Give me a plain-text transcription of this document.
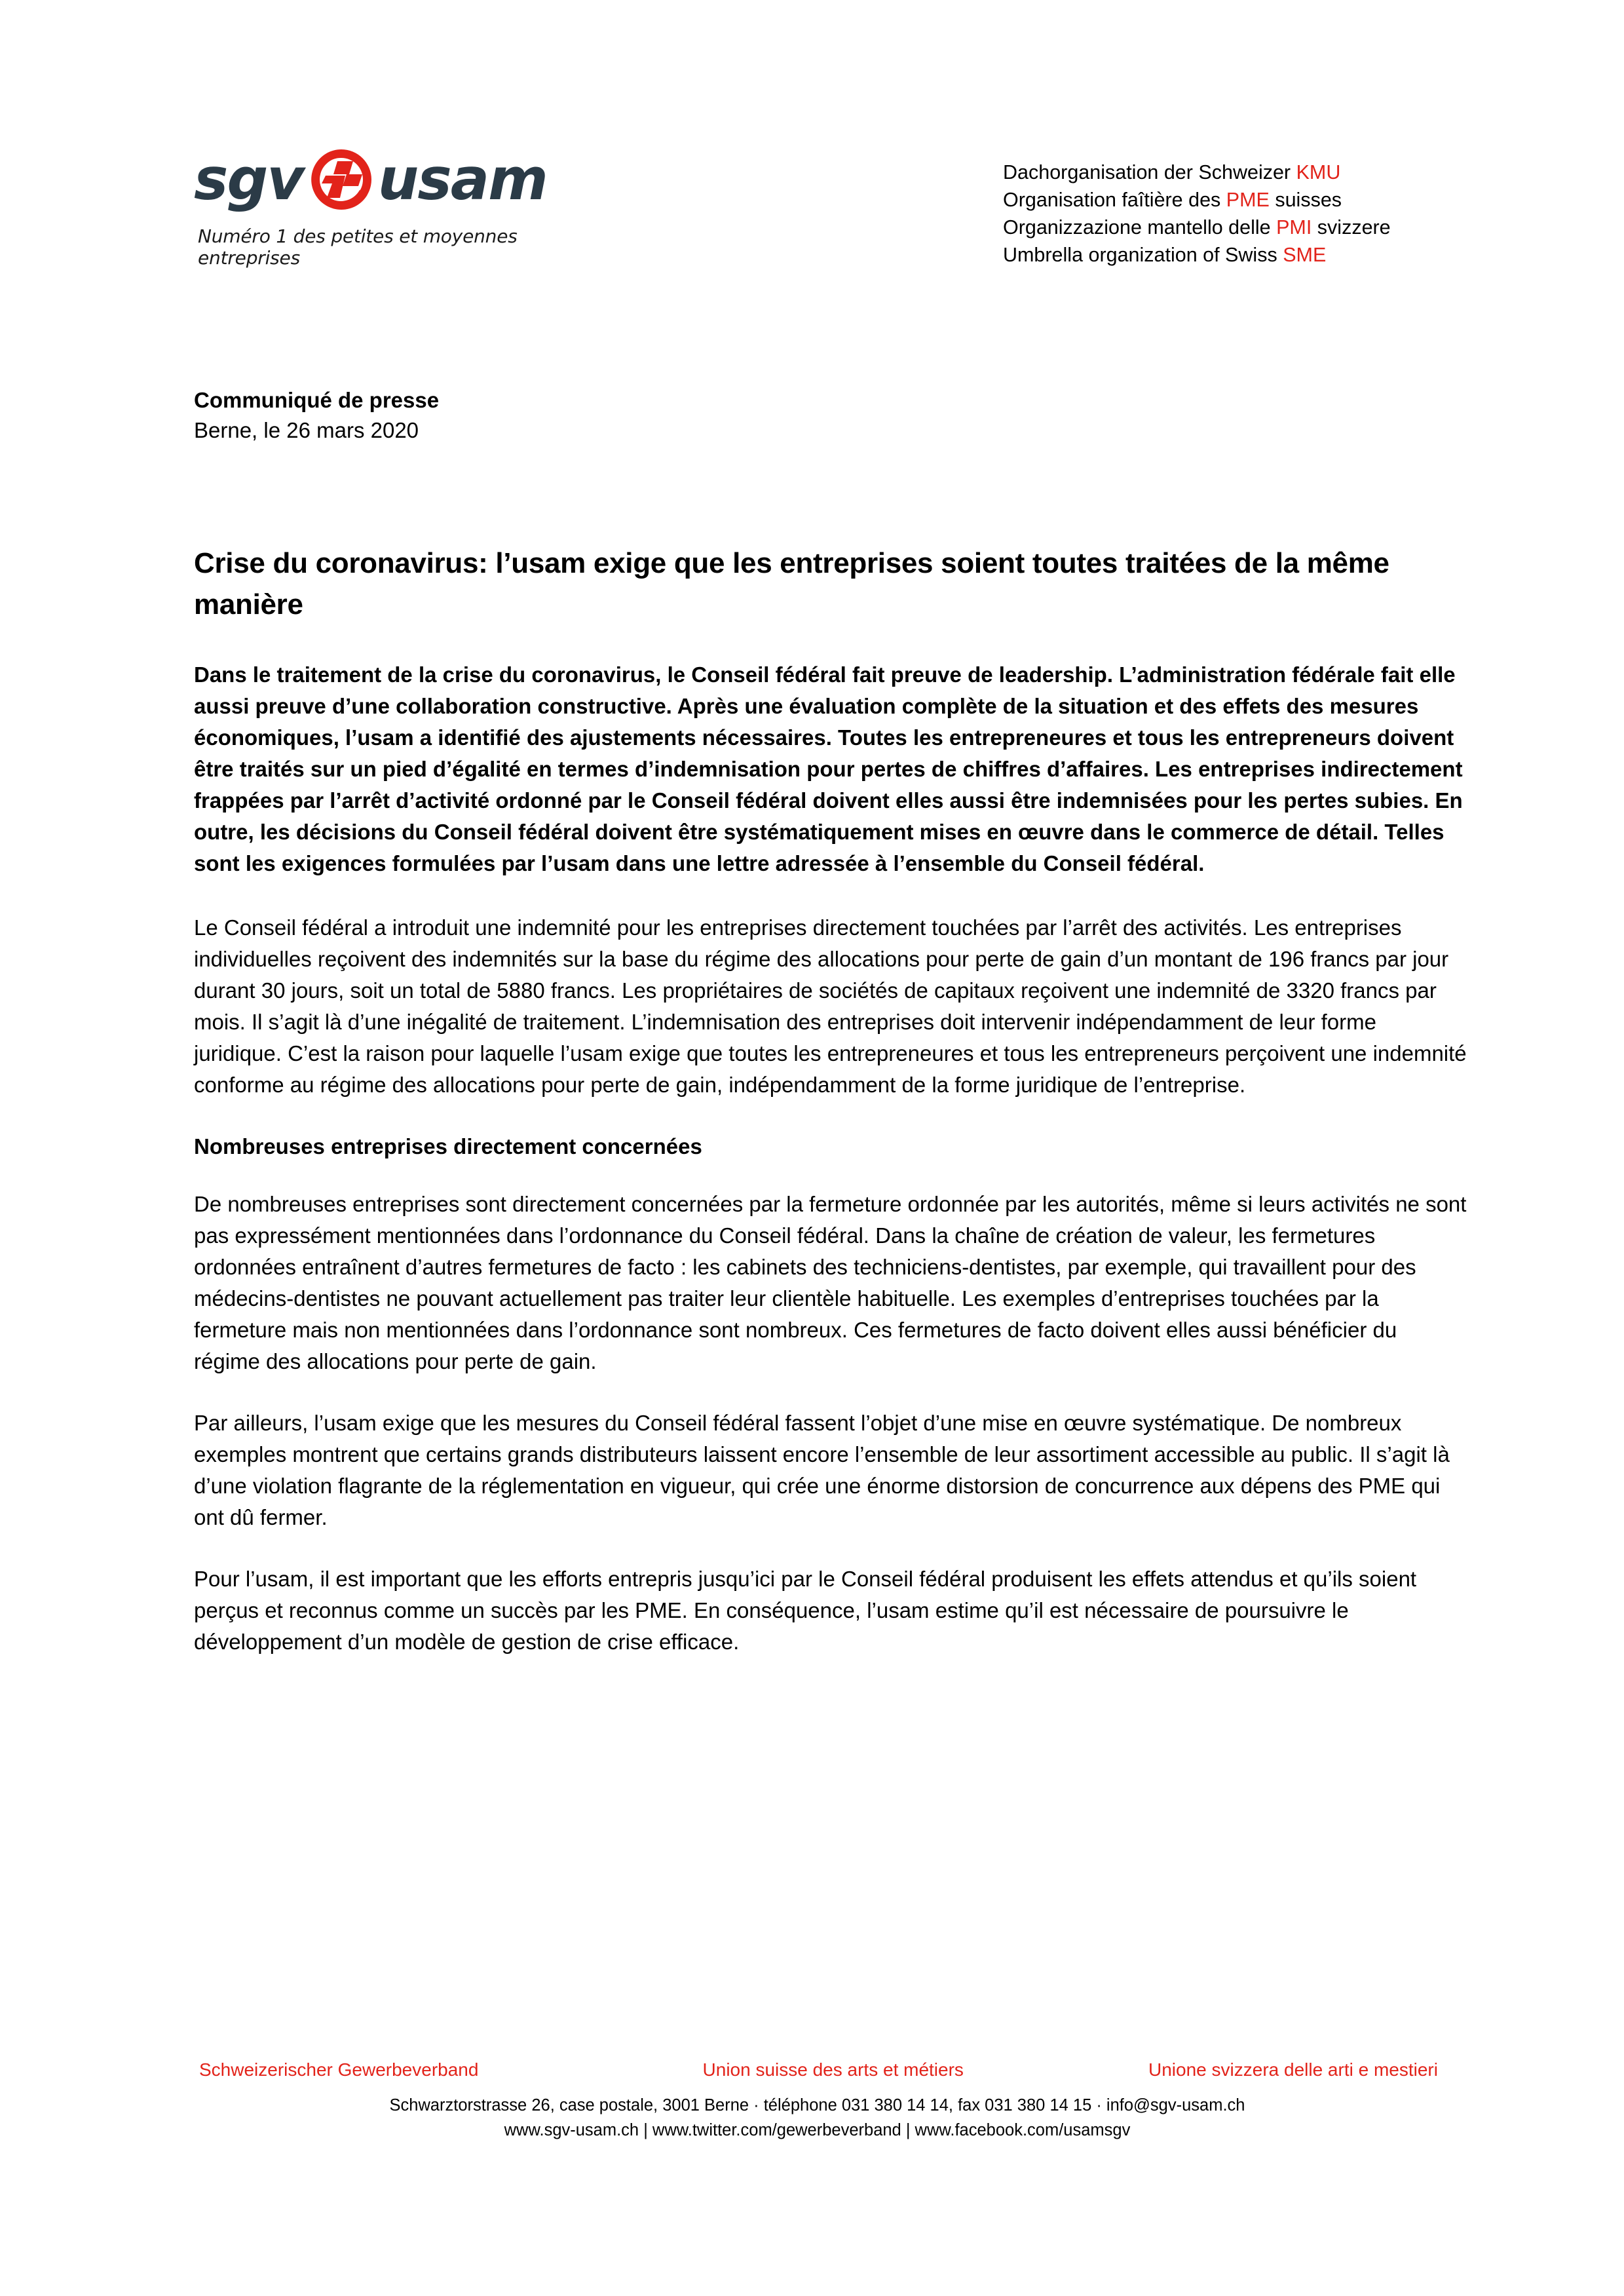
sgv usam
Numéro 1 des petites et moyennes entreprises
Dachorganisation der Schweizer KMU
Organisation faîtière des PME suisses
Organizzazione mantello delle PMI svizzere
Umbrella organization of Swiss SME
Communiqué de presse
Berne, le 26 mars 2020
Crise du coronavirus: l’usam exige que les entreprises soient toutes traitées de la même manière

Dans le traitement de la crise du coronavirus, le Conseil fédéral fait preuve de leadership. L’administration fédérale fait elle aussi preuve d’une collaboration constructive. Après une évaluation complète de la situation et des effets des mesures économiques, l’usam a identifié des ajustements nécessaires. Toutes les entrepreneures et tous les entrepreneurs doivent être traités sur un pied d’égalité en termes d’indemnisation pour pertes de chiffres d’affaires. Les entreprises indirectement frappées par l’arrêt d’activité ordonné par le Conseil fédéral doivent elles aussi être indemnisées pour les pertes subies. En outre, les décisions du Conseil fédéral doivent être systématiquement mises en œuvre dans le commerce de détail. Telles sont les exigences formulées par l’usam dans une lettre adressée à l’ensemble du Conseil fédéral.

Le Conseil fédéral a introduit une indemnité pour les entreprises directement touchées par l’arrêt des activités. Les entreprises individuelles reçoivent des indemnités sur la base du régime des allocations pour perte de gain d’un montant de 196 francs par jour durant 30 jours, soit un total de 5880 francs. Les propriétaires de sociétés de capitaux reçoivent une indemnité de 3320 francs par mois. Il s’agit là d’une inégalité de traitement. L’indemnisation des entreprises doit intervenir indépendamment de leur forme juridique. C’est la raison pour laquelle l’usam exige que toutes les entrepreneures et tous les entrepreneurs perçoivent une indemnité conforme au régime des allocations pour perte de gain, indépendamment de la forme juridique de l’entreprise.

Nombreuses entreprises directement concernées

De nombreuses entreprises sont directement concernées par la fermeture ordonnée par les autorités, même si leurs activités ne sont pas expressément mentionnées dans l’ordonnance du Conseil fédéral. Dans la chaîne de création de valeur, les fermetures ordonnées entraînent d’autres fermetures de facto : les cabinets des techniciens-dentistes, par exemple, qui travaillent pour des médecins-dentistes ne pouvant actuellement pas traiter leur clientèle habituelle. Les exemples d’entreprises touchées par la fermeture mais non mentionnées dans l’ordonnance sont nombreux. Ces fermetures de facto doivent elles aussi bénéficier du régime des allocations pour perte de gain.

Par ailleurs, l’usam exige que les mesures du Conseil fédéral fassent l’objet d’une mise en œuvre systématique. De nombreux exemples montrent que certains grands distributeurs laissent encore l’ensemble de leur assortiment accessible au public. Il s’agit là d’une violation flagrante de la réglementation en vigueur, qui crée une énorme distorsion de concurrence aux dépens des PME qui ont dû fermer.

Pour l’usam, il est important que les efforts entrepris jusqu’ici par le Conseil fédéral produisent les effets attendus et qu’ils soient perçus et reconnus comme un succès par les PME. En conséquence, l’usam estime qu’il est nécessaire de poursuivre le développement d’un modèle de gestion de crise efficace.

Schweizerischer Gewerbeverband	Union suisse des arts et métiers	Unione svizzera delle arti e mestieri
Schwarztorstrasse 26, case postale, 3001 Berne · téléphone 031 380 14 14, fax 031 380 14 15 · info@sgv-usam.ch
www.sgv-usam.ch | www.twitter.com/gewerbeverband | www.facebook.com/usamsgv
